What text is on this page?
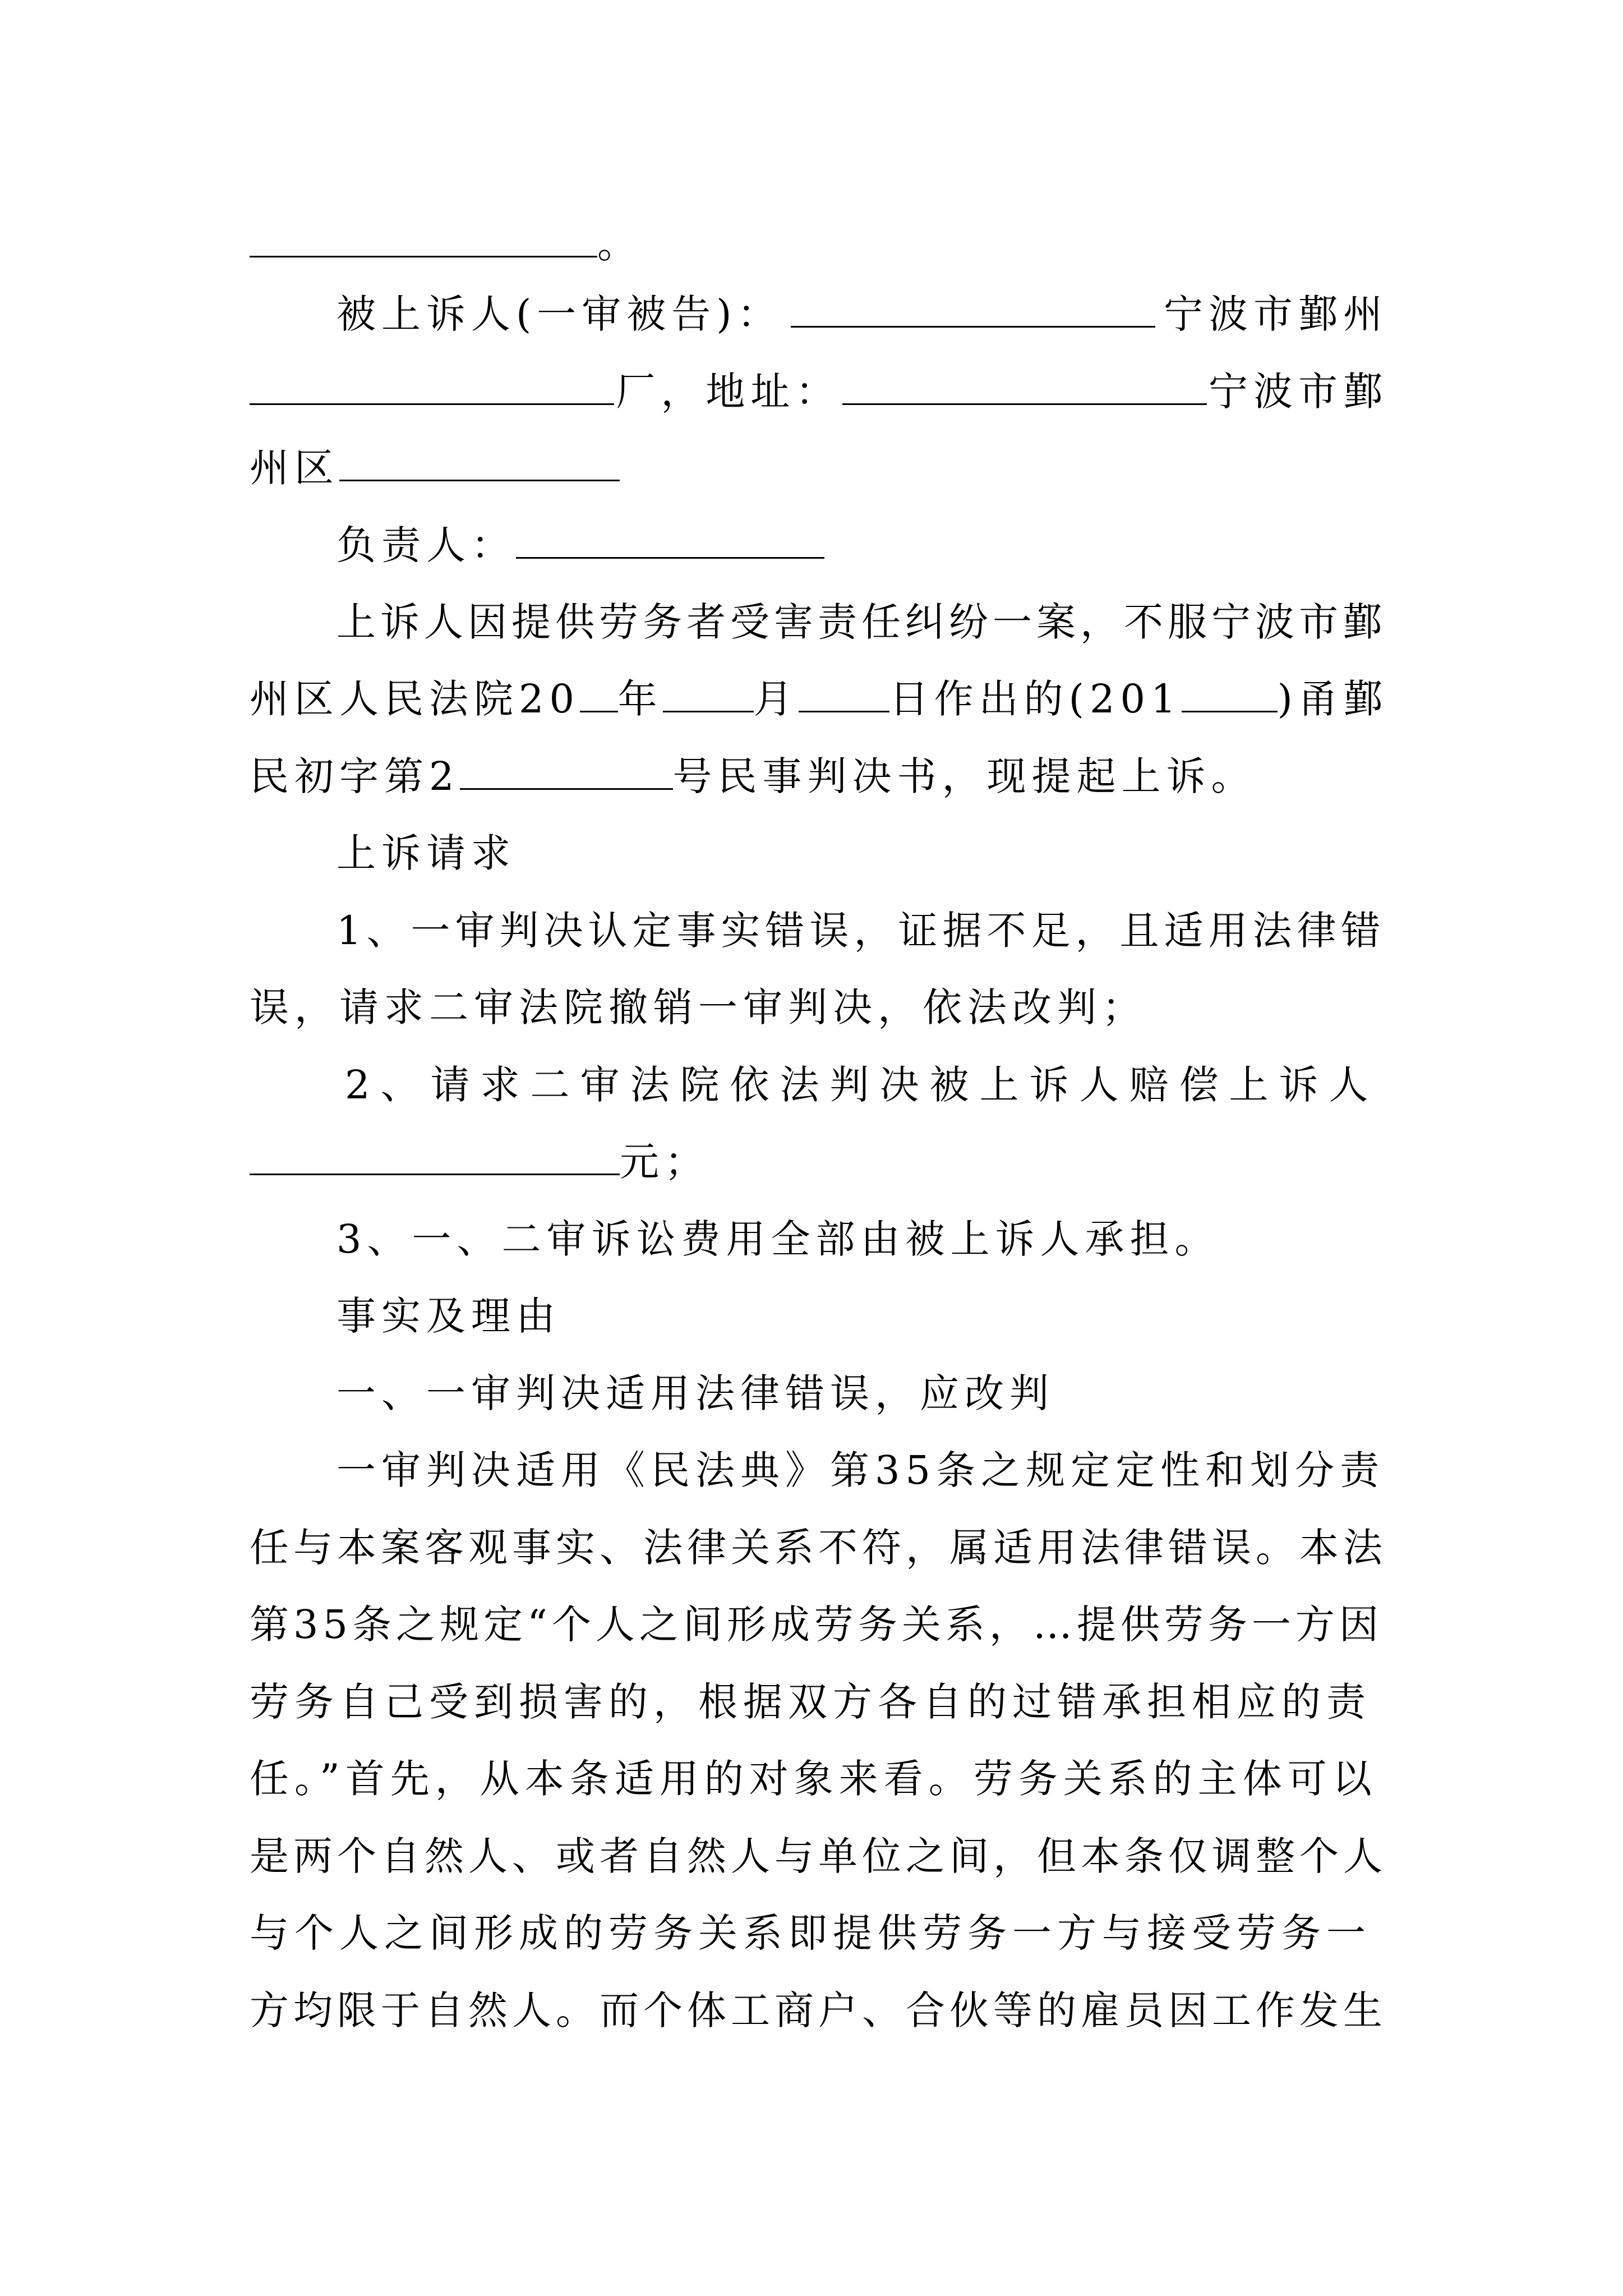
。
被上诉人(一审被告)：	宁波市鄞州
厂，地址：	宁波市鄞
州区
负责人：
上诉人因提供劳务者受害责任纠纷一案，不服宁波市鄞
州区人民法院20 年 月 日作出的(201 )甬鄞
民初字第2	号民事判决书，现提起上诉。
上诉请求
1、一审判决认定事实错误，证据不足，且适用法律错
误，请求二审法院撤销一审判决，依法改判；
2、请求二审法院依法判决被上诉人赔偿上诉人
元；
3、一、二审诉讼费用全部由被上诉人承担。
事实及理由
一、一审判决适用法律错误，应改判
一审判决适用《民法典》第35条之规定定性和划分责
任与本案客观事实、法律关系不符，属适用法律错误。本法
第35条之规定“个人之间形成劳务关系，…提供劳务一方因
劳务自己受到损害的，根据双方各自的过错承担相应的责
任。”首先，从本条适用的对象来看。劳务关系的主体可以
是两个自然人、或者自然人与单位之间，但本条仅调整个人
与个人之间形成的劳务关系即提供劳务一方与接受劳务一
方均限于自然人。而个体工商户、合伙等的雇员因工作发生
